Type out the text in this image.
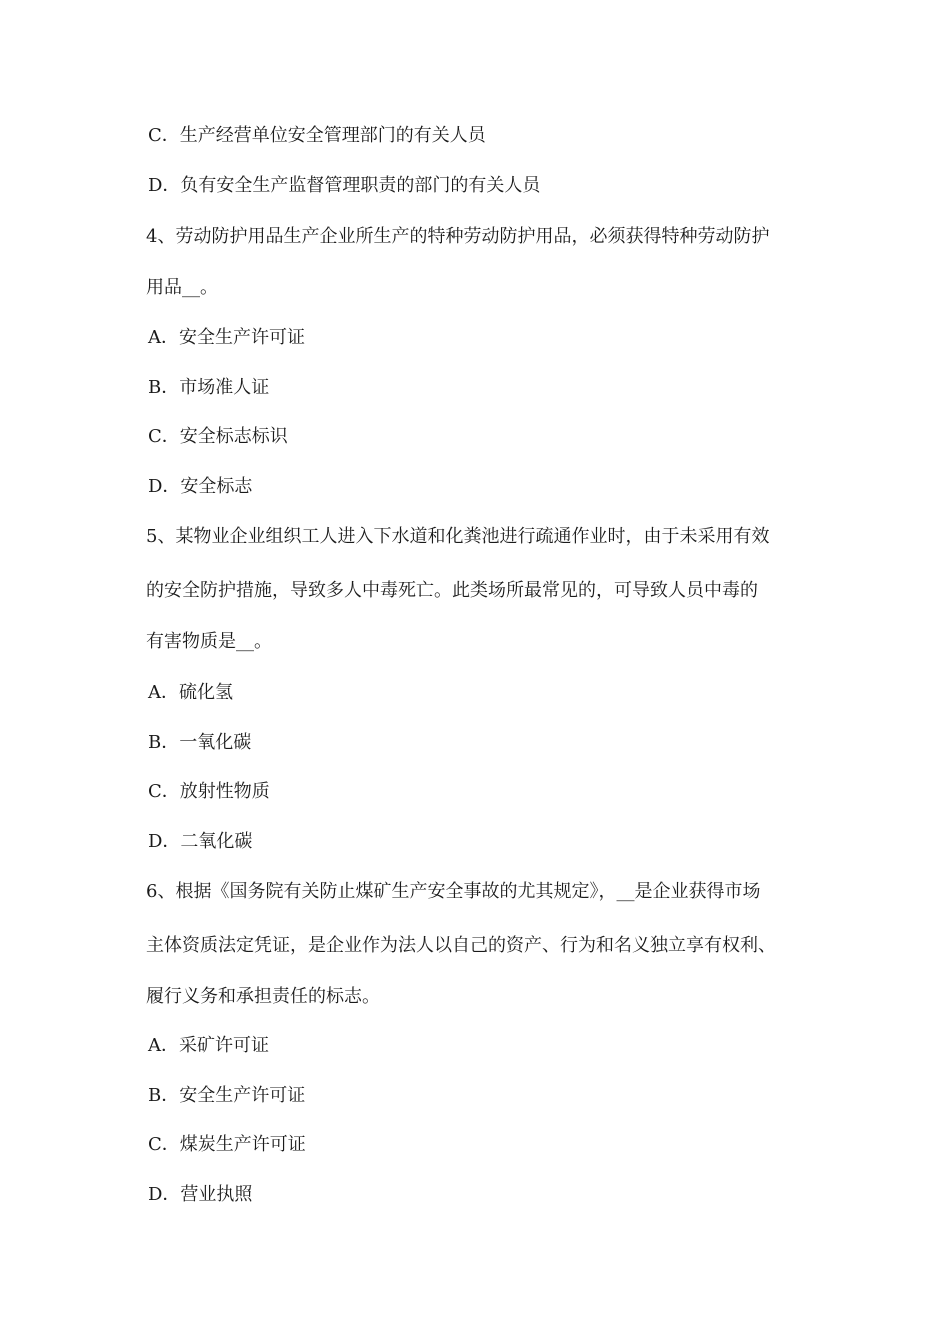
C．生产经营单位安全管理部门的有关人员
D．负有安全生产监督管理职责的部门的有关人员
4、劳动防护用品生产企业所生产的特种劳动防护用品，必须获得特种劳动防护
用品__。
A．安全生产许可证
B．市场准人证
C．安全标志标识
D．安全标志
5、某物业企业组织工人进入下水道和化粪池进行疏通作业时，由于未采用有效
的安全防护措施，导致多人中毒死亡。此类场所最常见的，可导致人员中毒的
有害物质是__。
A．硫化氢
B．一氧化碳
C．放射性物质
D．二氧化碳
6、根据《国务院有关防止煤矿生产安全事故的尤其规定》，__是企业获得市场
主体资质法定凭证，是企业作为法人以自己的资产、行为和名义独立享有权利、
履行义务和承担责任的标志。
A．采矿许可证
B．安全生产许可证
C．煤炭生产许可证
D．营业执照
